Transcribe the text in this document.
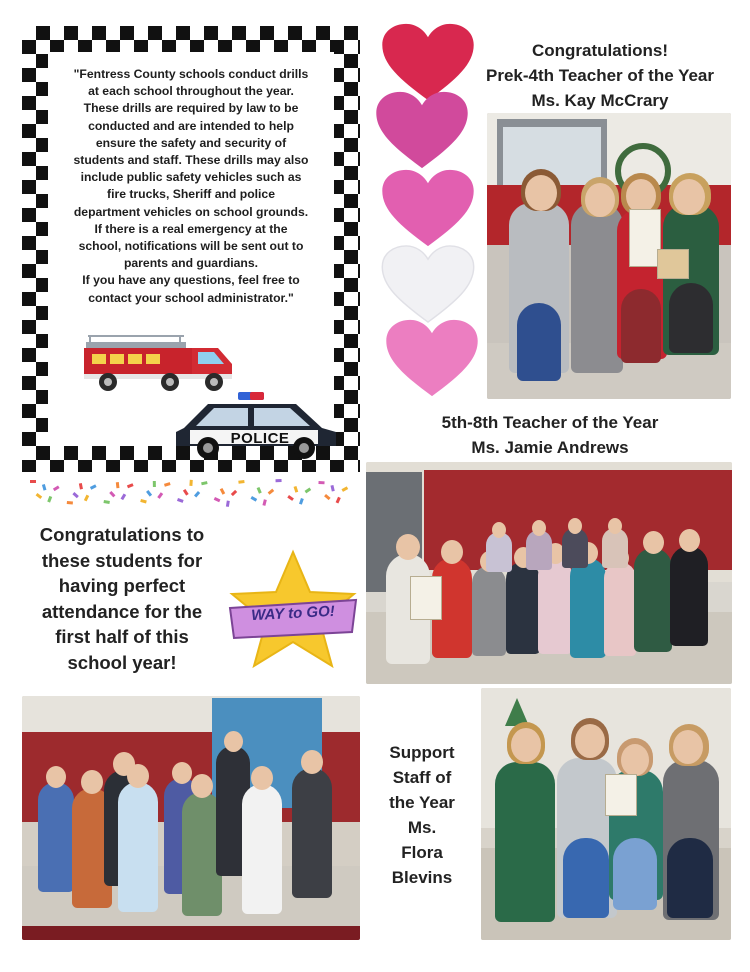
"Fentress County schools conduct drills
at each school throughout the year.
These drills are required by law to be
conducted and are intended to help
ensure the safety and security of
students and staff. These drills may also
include public safety vehicles such as
fire trucks, Sheriff and police
department vehicles on school grounds.
If there is a real emergency at the
school, notifications will be sent out to
parents and guardians.
If you have any questions, feel free to
contact your school administrator."
POLICE
Congratulations!
Prek-4th Teacher of the Year
Ms. Kay McCrary
5th-8th Teacher of the Year
Ms. Jamie Andrews
Congratulations to
these students for
having perfect
attendance for the
first half of this
school year!
WAY to GO!
Support
Staff of
the Year
Ms.
Flora
Blevins
